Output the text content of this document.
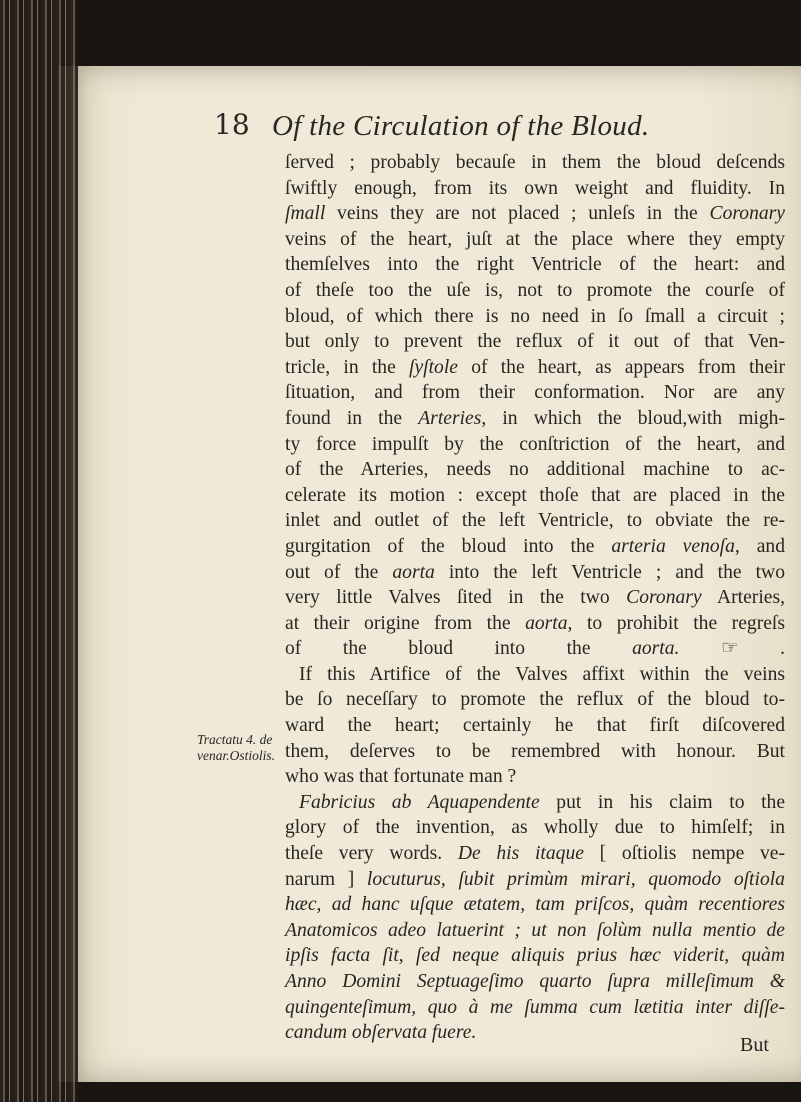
18 Of the Circulation of the Bloud.
Tractatu 4. de
venar.Ostiolis.
ſerved ; probably becauſe in them the bloud deſcends
ſwiftly enough, from its own weight and fluidity. In
ſmall veins they are not placed ; unleſs in the Coronary
veins of the heart, juſt at the place where they empty
themſelves into the right Ventricle of the heart: and
of theſe too the uſe is, not to promote the courſe of
bloud, of which there is no need in ſo ſmall a circuit ;
but only to prevent the reflux of it out of that Ven-
tricle, in the ſyſtole of the heart, as appears from their
ſituation, and from their conformation. Nor are any
found in the Arteries, in which the bloud,with migh-
ty force impulſt by the conſtriction of the heart, and
of the Arteries, needs no additional machine to ac-
celerate its motion : except thoſe that are placed in the
inlet and outlet of the left Ventricle, to obviate the re-
gurgitation of the bloud into the arteria venoſa, and
out of the aorta into the left Ventricle ; and the two
very little Valves ſited in the two Coronary Arteries,
at their origine from the aorta, to prohibit the regreſs
of the bloud into the aorta. ☞ .
If this Artifice of the Valves affixt within the veins
be ſo neceſſary to promote the reflux of the bloud to-
ward the heart; certainly he that firſt diſcovered
them, deſerves to be remembred with honour. But
who was that fortunate man ?
Fabricius ab Aquapendente put in his claim to the
glory of the invention, as wholly due to himſelf; in
theſe very words. De his itaque [ oſtiolis nempe ve-
narum ] locuturus, ſubit primùm mirari, quomodo oſtiola
hæc, ad hanc uſque ætatem, tam priſcos, quàm recentiores
Anatomicos adeo latuerint ; ut non ſolùm nulla mentio de
ipſis facta ſit, ſed neque aliquis prius hæc viderit, quàm
Anno Domini Septuageſimo quarto ſupra milleſimum &
quingenteſimum, quo à me ſumma cum lætitia inter diſſe-
candum obſervata fuere.
But
